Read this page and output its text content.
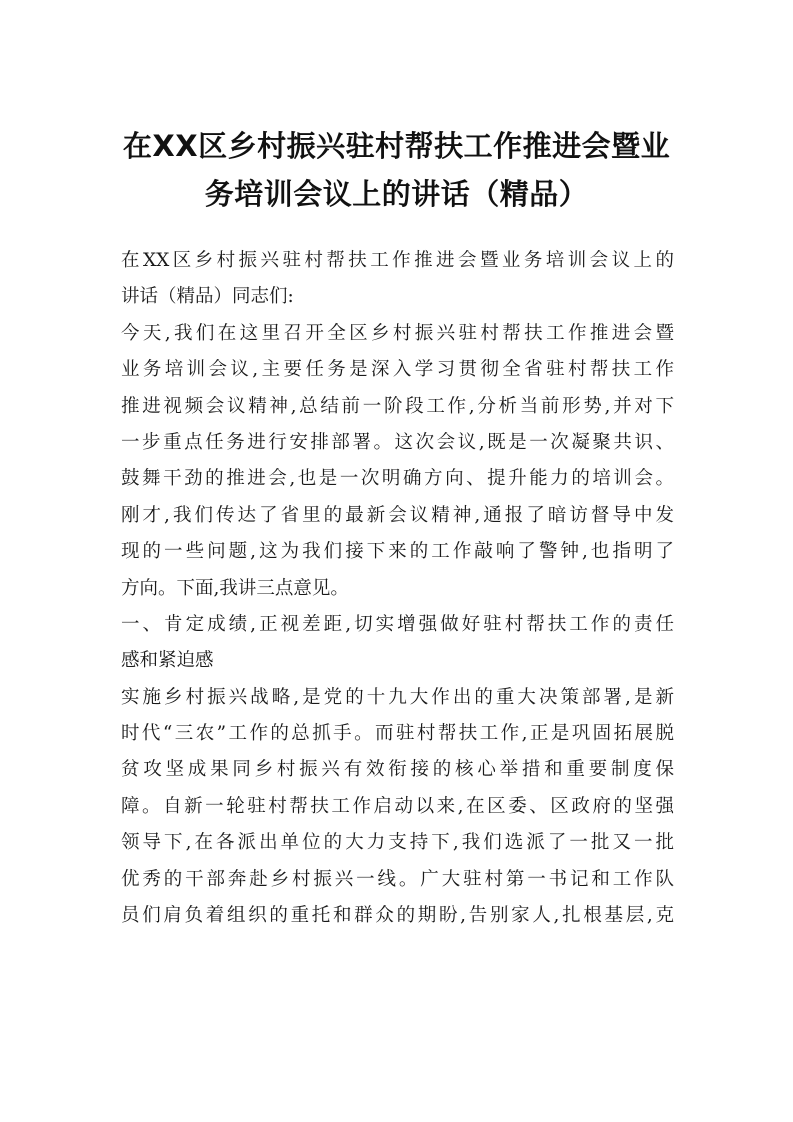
在XX区乡村振兴驻村帮扶工作推进会暨业
务培训会议上的讲话（精品）
在XX区乡村振兴驻村帮扶工作推进会暨业务培训会议上的
讲话（精品）同志们:
今天,我们在这里召开全区乡村振兴驻村帮扶工作推进会暨
业务培训会议,主要任务是深入学习贯彻全省驻村帮扶工作
推进视频会议精神,总结前一阶段工作,分析当前形势,并对下
一步重点任务进行安排部署。这次会议,既是一次凝聚共识、
鼓舞干劲的推进会,也是一次明确方向、提升能力的培训会。
刚才,我们传达了省里的最新会议精神,通报了暗访督导中发
现的一些问题,这为我们接下来的工作敲响了警钟,也指明了
方向。下面,我讲三点意见。
一、肯定成绩,正视差距,切实增强做好驻村帮扶工作的责任
感和紧迫感
实施乡村振兴战略,是党的十九大作出的重大决策部署,是新
时代“三农”工作的总抓手。而驻村帮扶工作,正是巩固拓展脱
贫攻坚成果同乡村振兴有效衔接的核心举措和重要制度保
障。自新一轮驻村帮扶工作启动以来,在区委、区政府的坚强
领导下,在各派出单位的大力支持下,我们选派了一批又一批
优秀的干部奔赴乡村振兴一线。广大驻村第一书记和工作队
员们肩负着组织的重托和群众的期盼,告别家人,扎根基层,克
